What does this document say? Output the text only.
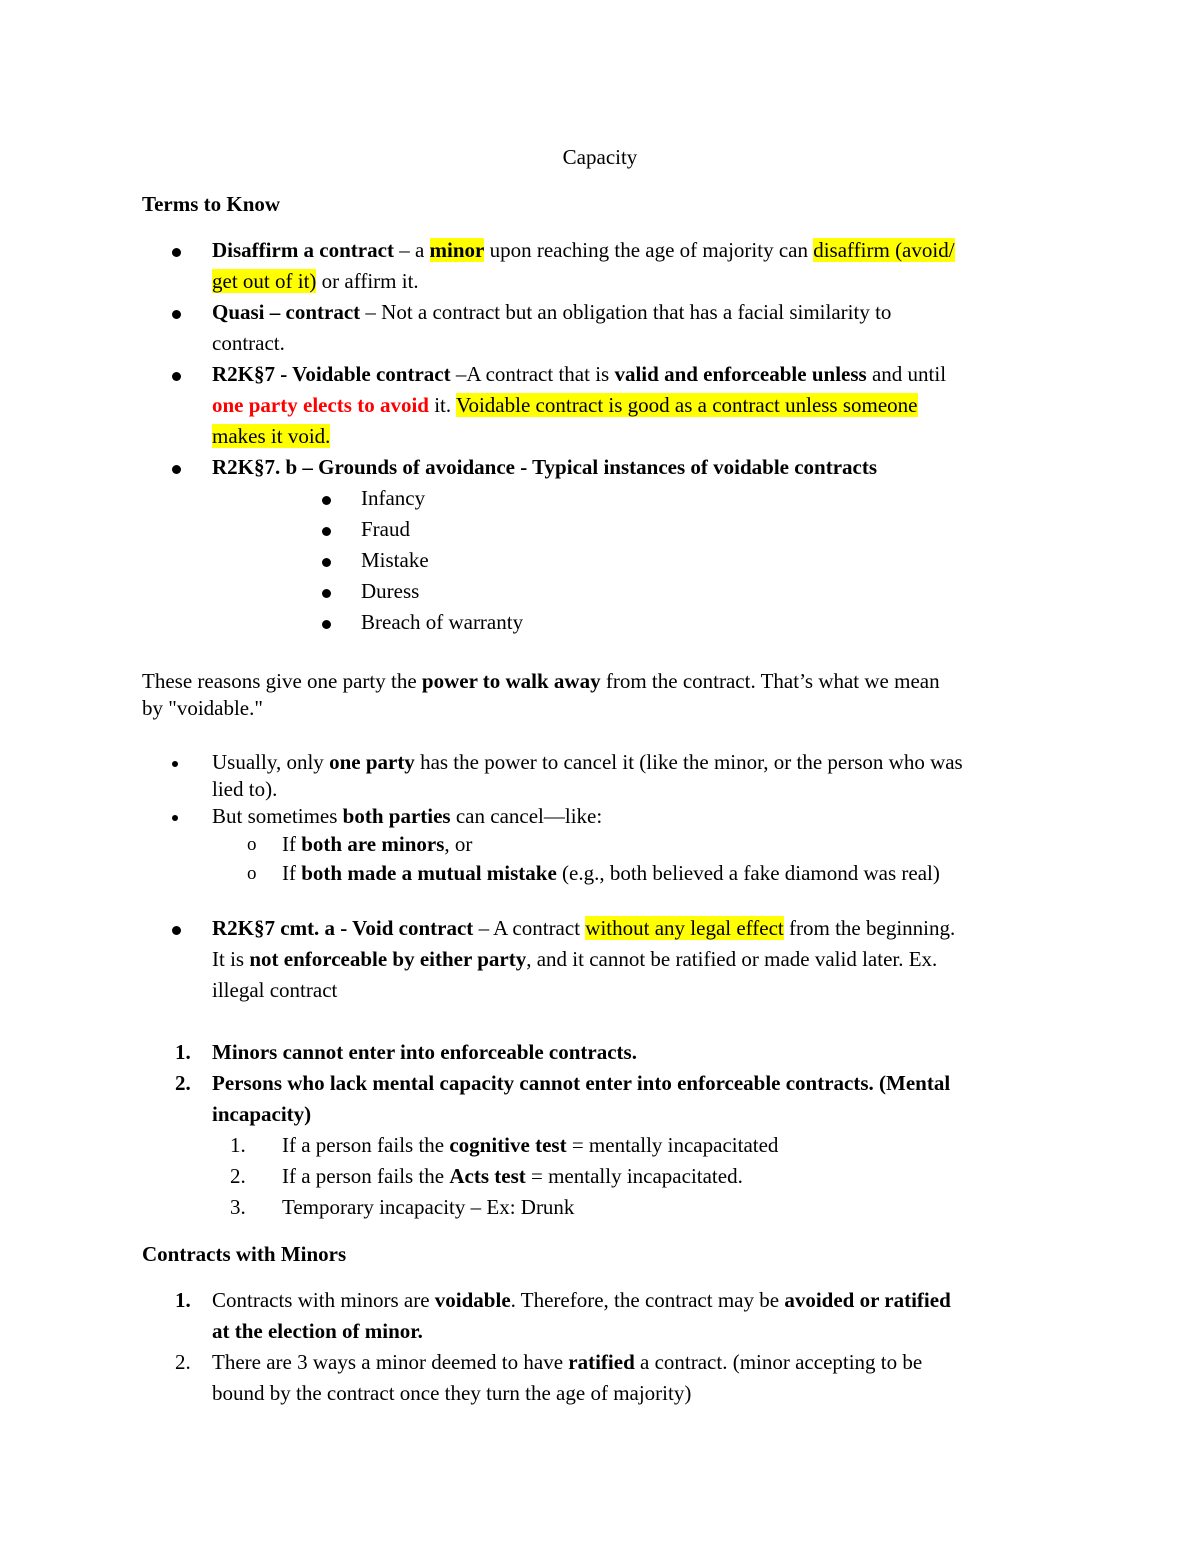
Capacity
Terms to Know

Disaffirm a contract – a minor upon reaching the age of majority can disaffirm (avoid/

get out of it) or affirm it.

Quasi – contract – Not a contract but an obligation that has a facial similarity to

contract.

R2K§7 - Voidable contract –A contract that is valid and enforceable unless and until

one party elects to avoid it. Voidable contract is good as a contract unless someone

makes it void.

R2K§7. b – Grounds of avoidance - Typical instances of voidable contracts

Infancy

Fraud

Mistake

Duress

Breach of warranty

These reasons give one party the power to walk away from the contract. That’s what we mean

by "voidable."

Usually, only one party has the power to cancel it (like the minor, or the person who was

lied to).

But sometimes both parties can cancel—like:

o If both are minors, or

o If both made a mutual mistake (e.g., both believed a fake diamond was real)

R2K§7 cmt. a - Void contract – A contract without any legal effect from the beginning.

It is not enforceable by either party, and it cannot be ratified or made valid later. Ex.

illegal contract

1. Minors cannot enter into enforceable contracts.

2. Persons who lack mental capacity cannot enter into enforceable contracts. (Mental

incapacity)

1. If a person fails the cognitive test = mentally incapacitated

2. If a person fails the Acts test = mentally incapacitated.

3. Temporary incapacity – Ex: Drunk

Contracts with Minors
1. Contracts with minors are voidable. Therefore, the contract may be avoided or ratified

at the election of minor.

2. There are 3 ways a minor deemed to have ratified a contract. (minor accepting to be

bound by the contract once they turn the age of majority)
